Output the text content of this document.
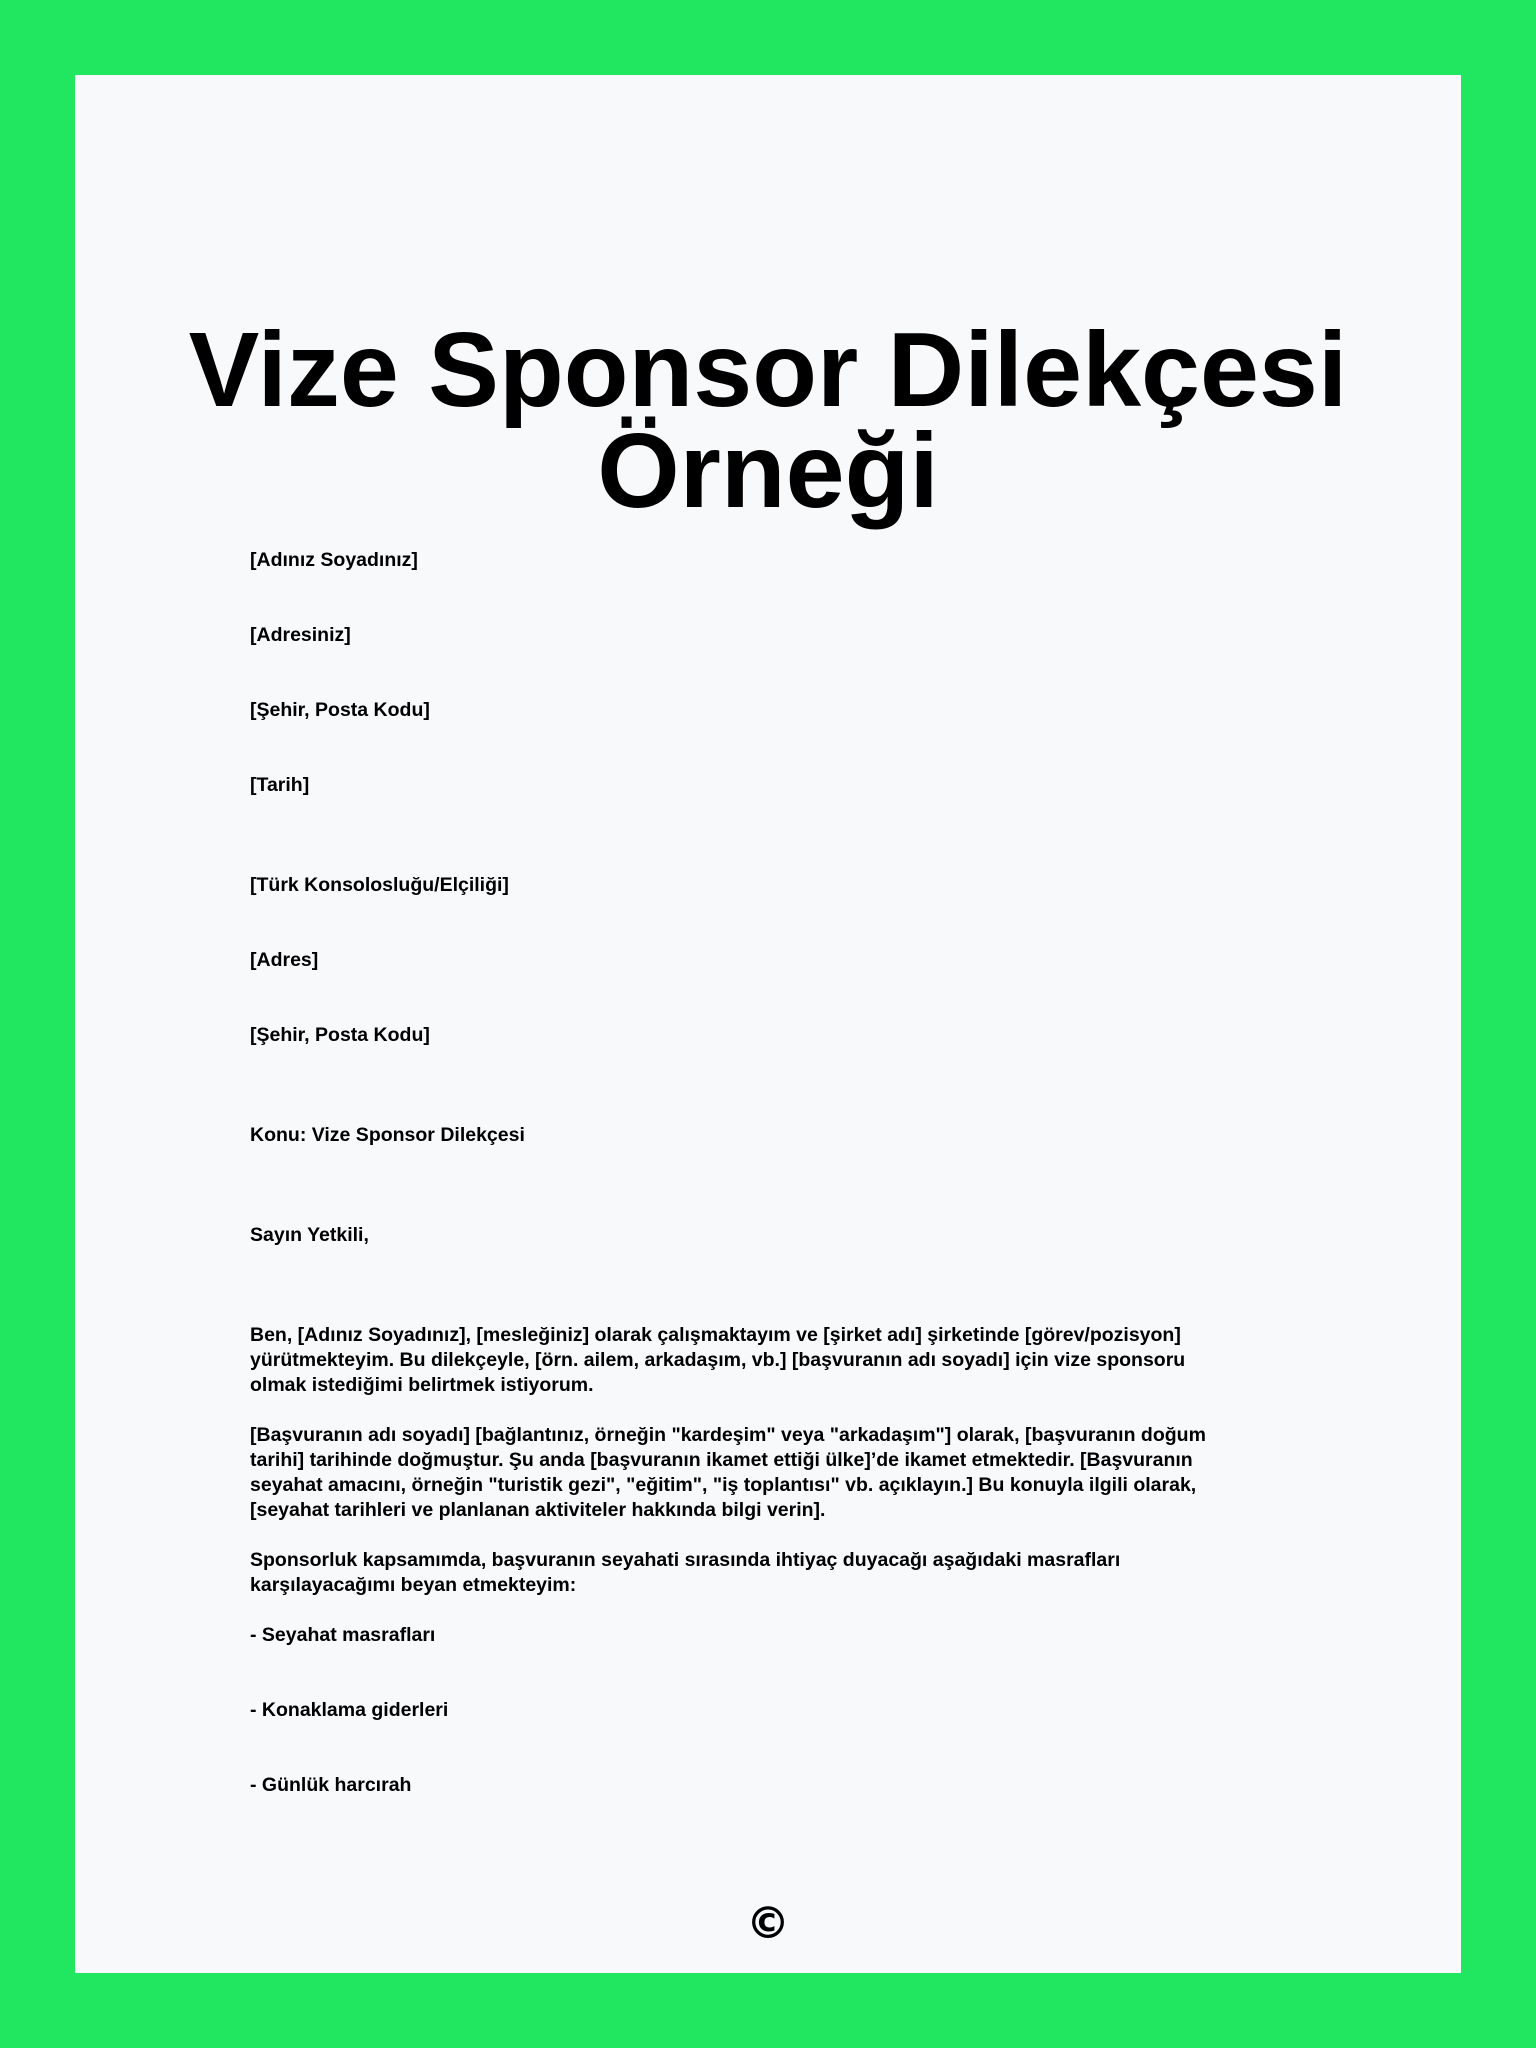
Vize Sponsor Dilekçesi
Örneği
[Adınız Soyadınız]
[Adresiniz]
[Şehir, Posta Kodu]
[Tarih]
[Türk Konsolosluğu/Elçiliği]
[Adres]
[Şehir, Posta Kodu]
Konu: Vize Sponsor Dilekçesi
Sayın Yetkili,
Ben, [Adınız Soyadınız], [mesleğiniz] olarak çalışmaktayım ve [şirket adı] şirketinde [görev/pozisyon]
yürütmekteyim. Bu dilekçeyle, [örn. ailem, arkadaşım, vb.] [başvuranın adı soyadı] için vize sponsoru
olmak istediğimi belirtmek istiyorum.
[Başvuranın adı soyadı] [bağlantınız, örneğin "kardeşim" veya "arkadaşım"] olarak, [başvuranın doğum
tarihi] tarihinde doğmuştur. Şu anda [başvuranın ikamet ettiği ülke]’de ikamet etmektedir. [Başvuranın
seyahat amacını, örneğin "turistik gezi", "eğitim", "iş toplantısı" vb. açıklayın.] Bu konuyla ilgili olarak,
[seyahat tarihleri ve planlanan aktiviteler hakkında bilgi verin].
Sponsorluk kapsamımda, başvuranın seyahati sırasında ihtiyaç duyacağı aşağıdaki masrafları
karşılayacağımı beyan etmekteyim:
- Seyahat masrafları
- Konaklama giderleri
- Günlük harcırah
©
